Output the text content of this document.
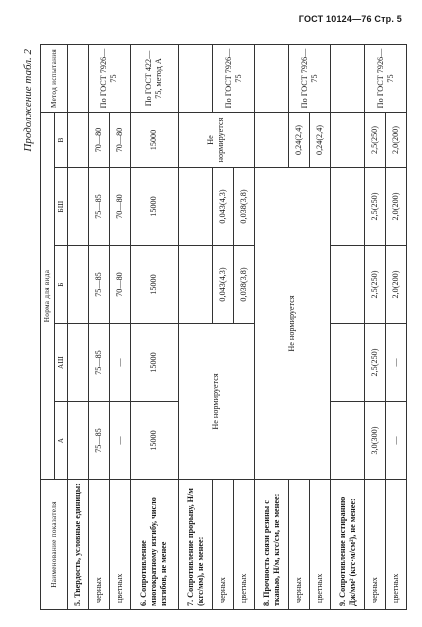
ГОСТ 10124—76 Стр. 5
Продолжение табл. 2
Наименование показателя	Норма для вида					Метод испытания
	А	АШ	Б	БШ	В	
5. Твердость, условные единицы:						
черных	75—85	75—85	75—85	75—85	70—80	По ГОСТ 7926—75
цветных	—	—	70—80	70—80	70—80	
6. Сопротивление многократному изгибу, число изгибов, не менее	15000	15000	15000	15000	15000	По ГОСТ 422—75, метод А
7. Сопротивление прорыву, Н/м (кгс/мм), не менее:	Не нормируется				Не нормируется	
черных			0,043(4,3)	0,043(4,3)		По ГОСТ 7926—75
цветных			0,038(3,8)	0,038(3,8)		
8. Прочность связи резины с тканью, Н/м, кгс/см, не менее:	Не нормируется					
черных					0,24(2,4)	По ГОСТ 7926—75
цветных					0,24(2,4)	
9. Сопротивление истиранию Дж/мм² (кгс·м/см²), не менее:						
черных	3,0(300)	2,5(250)	2,5(250)	2,5(250)	2,5(250)	По ГОСТ 7926—75
цветных	—	—	2,0(200)	2,0(200)	2,0(200)	
